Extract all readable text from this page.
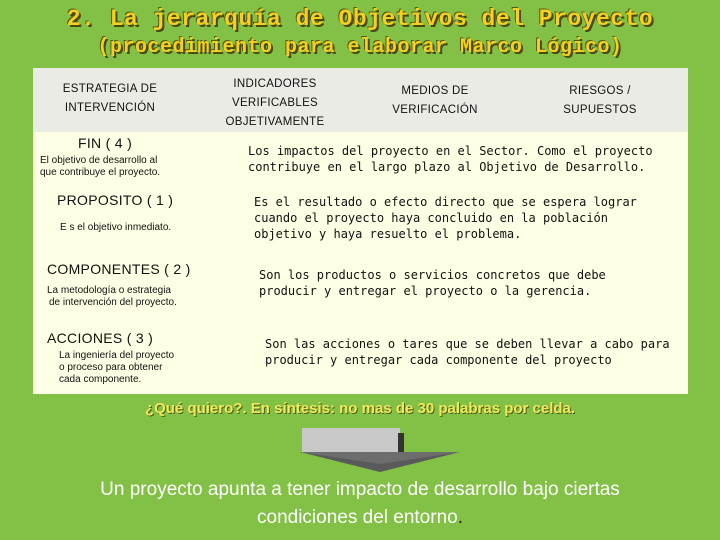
2. La jerarquía de Objetivos del Proyecto
(procedimiento para elaborar Marco Lógico)
ESTRATEGIA DE
INTERVENCIÓN
INDICADORES
VERIFICABLES
OBJETIVAMENTE
MEDIOS DE
VERIFICACIÓN
RIESGOS /
SUPUESTOS
FIN ( 4 )
El objetivo de desarrollo al
que contribuye el proyecto.
Los impactos del proyecto en el Sector. Como el proyecto
contribuye en el largo plazo al Objetivo de Desarrollo.
PROPOSITO ( 1 )
E s el objetivo inmediato.
Es el resultado o efecto directo que se espera lograr
cuando el proyecto haya concluido en la población
objetivo y haya resuelto el problema.
COMPONENTES ( 2 )
La metodología o estrategia
de intervención del proyecto.
Son los productos o servicios concretos que debe
producir y entregar el proyecto o la gerencia.
ACCIONES ( 3 )
La ingeniería del proyecto
o proceso para obtener
cada componente.
Son las acciones o tares que se deben llevar a cabo para
producir y entregar cada componente del proyecto
¿Qué quiero?. En síntesis: no mas de 30 palabras por celda.
Un proyecto apunta a tener impacto de desarrollo bajo ciertas
condiciones del entorno.
